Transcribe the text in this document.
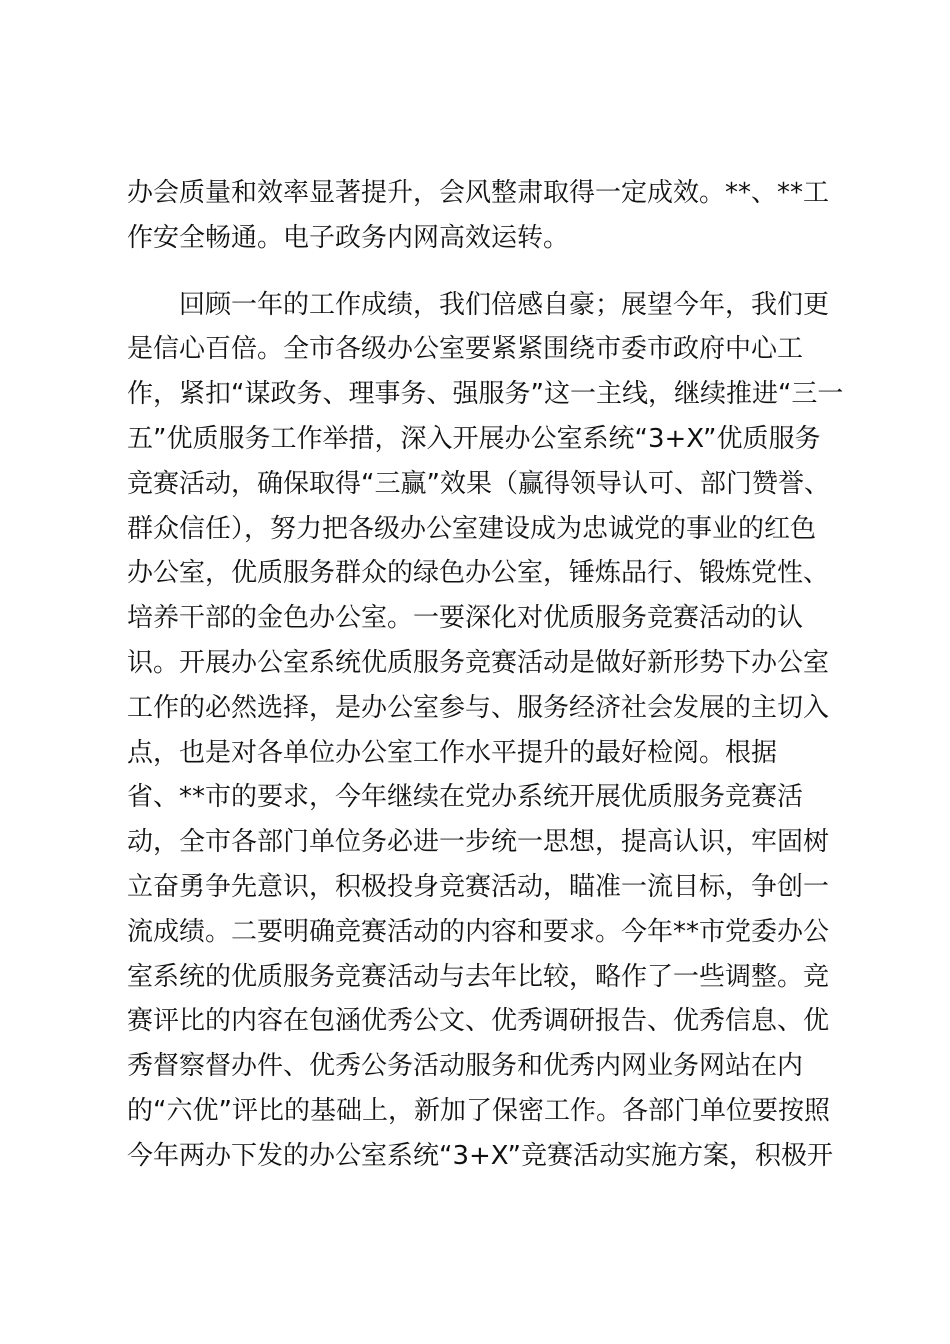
办会质量和效率显著提升，会风整肃取得一定成效。**、**工
作安全畅通。电子政务内网高效运转。
回顾一年的工作成绩，我们倍感自豪；展望今年，我们更
是信心百倍。全市各级办公室要紧紧围绕市委市政府中心工
作，紧扣“谋政务、理事务、强服务”这一主线，继续推进“三一
五”优质服务工作举措，深入开展办公室系统“3+X”优质服务
竞赛活动，确保取得“三赢”效果（赢得领导认可、部门赞誉、
群众信任），努力把各级办公室建设成为忠诚党的事业的红色
办公室，优质服务群众的绿色办公室，锤炼品行、锻炼党性、
培养干部的金色办公室。一要深化对优质服务竞赛活动的认
识。开展办公室系统优质服务竞赛活动是做好新形势下办公室
工作的必然选择，是办公室参与、服务经济社会发展的主切入
点，也是对各单位办公室工作水平提升的最好检阅。根据
省、**市的要求，今年继续在党办系统开展优质服务竞赛活
动，全市各部门单位务必进一步统一思想，提高认识，牢固树
立奋勇争先意识，积极投身竞赛活动，瞄准一流目标，争创一
流成绩。二要明确竞赛活动的内容和要求。今年**市党委办公
室系统的优质服务竞赛活动与去年比较，略作了一些调整。竞
赛评比的内容在包涵优秀公文、优秀调研报告、优秀信息、优
秀督察督办件、优秀公务活动服务和优秀内网业务网站在内
的“六优”评比的基础上，新加了保密工作。各部门单位要按照
今年两办下发的办公室系统“3+X”竞赛活动实施方案，积极开
